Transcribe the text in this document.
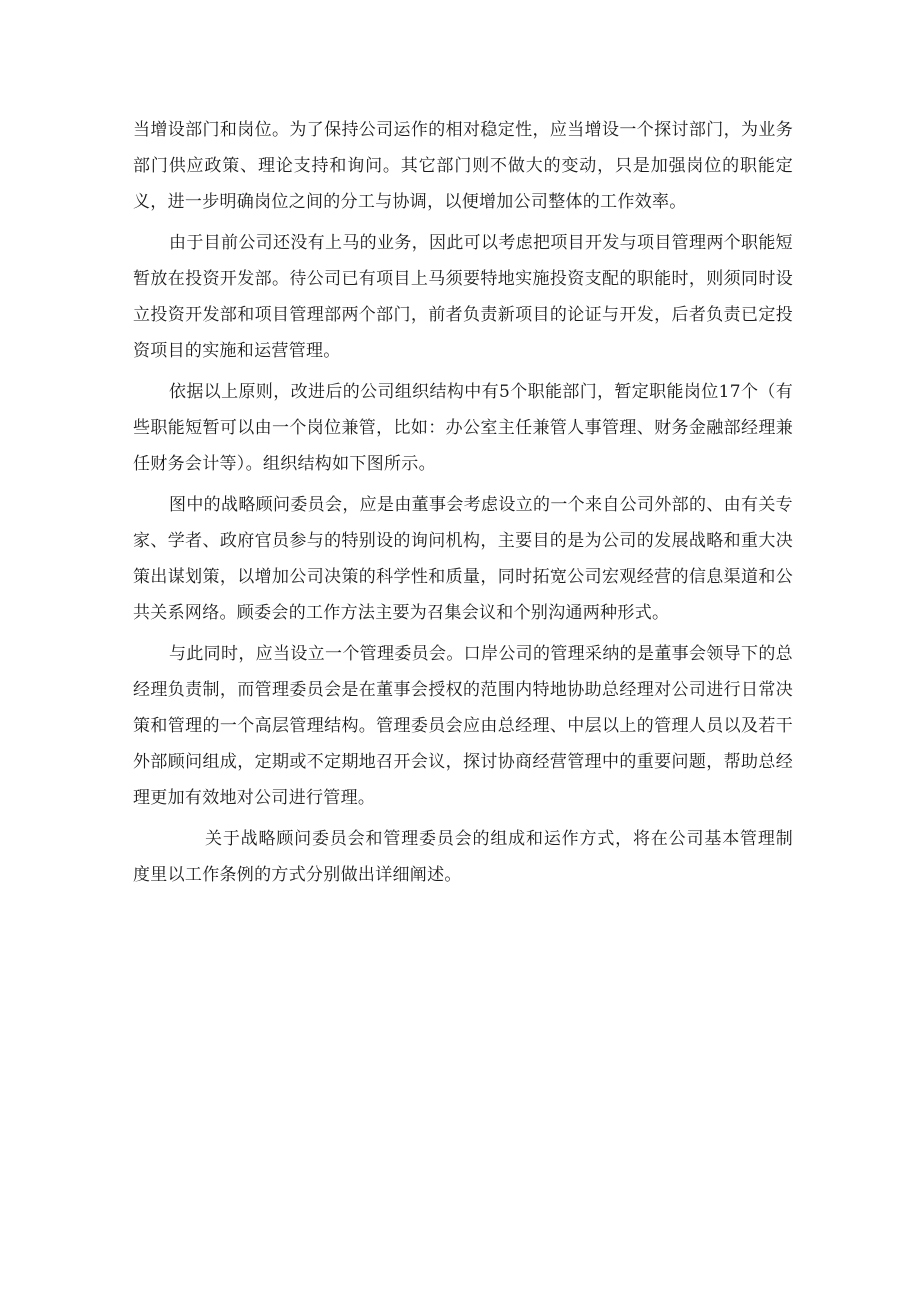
当增设部门和岗位。为了保持公司运作的相对稳定性，应当增设一个探讨部门，为业务部门供应政策、理论支持和询问。其它部门则不做大的变动，只是加强岗位的职能定义，进一步明确岗位之间的分工与协调，以便增加公司整体的工作效率。

由于目前公司还没有上马的业务，因此可以考虑把项目开发与项目管理两个职能短暂放在投资开发部。待公司已有项目上马须要特地实施投资支配的职能时，则须同时设立投资开发部和项目管理部两个部门，前者负责新项目的论证与开发，后者负责已定投资项目的实施和运营管理。

依据以上原则，改进后的公司组织结构中有5个职能部门，暂定职能岗位17个（有些职能短暂可以由一个岗位兼管，比如：办公室主任兼管人事管理、财务金融部经理兼任财务会计等）。组织结构如下图所示。

图中的战略顾问委员会，应是由董事会考虑设立的一个来自公司外部的、由有关专家、学者、政府官员参与的特别设的询问机构，主要目的是为公司的发展战略和重大决策出谋划策，以增加公司决策的科学性和质量，同时拓宽公司宏观经营的信息渠道和公共关系网络。顾委会的工作方法主要为召集会议和个别沟通两种形式。

与此同时，应当设立一个管理委员会。口岸公司的管理采纳的是董事会领导下的总经理负责制，而管理委员会是在董事会授权的范围内特地协助总经理对公司进行日常决策和管理的一个高层管理结构。管理委员会应由总经理、中层以上的管理人员以及若干外部顾问组成，定期或不定期地召开会议，探讨协商经营管理中的重要问题，帮助总经理更加有效地对公司进行管理。

关于战略顾问委员会和管理委员会的组成和运作方式，将在公司基本管理制度里以工作条例的方式分别做出详细阐述。
